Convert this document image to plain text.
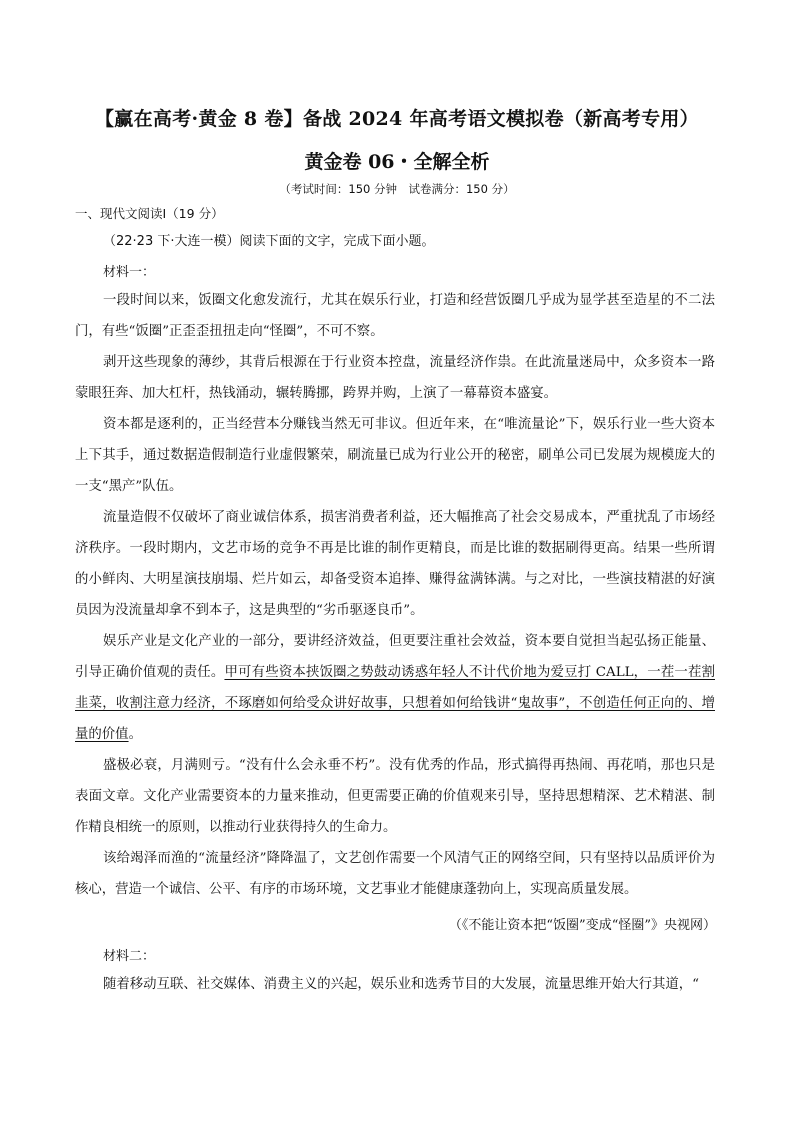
【赢在高考·黄金 8 卷】备战 2024 年高考语文模拟卷（新高考专用）
黄金卷 06・全解全析
（考试时间：150 分钟　试卷满分：150 分）
一、现代文阅读Ⅰ（19 分）
（22·23 下·大连一模）阅读下面的文字，完成下面小题。
材料一：

一段时间以来，饭圈文化愈发流行，尤其在娱乐行业，打造和经营饭圈几乎成为显学甚至造星的不二法门，有些“饭圈”正歪歪扭扭走向“怪圈”，不可不察。

剥开这些现象的薄纱，其背后根源在于行业资本控盘，流量经济作祟。在此流量迷局中，众多资本一路蒙眼狂奔、加大杠杆，热钱涌动，辗转腾挪，跨界并购，上演了一幕幕资本盛宴。

资本都是逐利的，正当经营本分赚钱当然无可非议。但近年来，在“唯流量论”下，娱乐行业一些大资本上下其手，通过数据造假制造行业虚假繁荣，刷流量已成为行业公开的秘密，刷单公司已发展为规模庞大的一支“黑产”队伍。

流量造假不仅破坏了商业诚信体系，损害消费者利益，还大幅推高了社会交易成本，严重扰乱了市场经济秩序。一段时期内，文艺市场的竞争不再是比谁的制作更精良，而是比谁的数据刷得更高。结果一些所谓的小鲜肉、大明星演技崩塌、烂片如云，却备受资本追捧、赚得盆满钵满。与之对比，一些演技精湛的好演员因为没流量却拿不到本子，这是典型的“劣币驱逐良币”。

娱乐产业是文化产业的一部分，要讲经济效益，但更要注重社会效益，资本要自觉担当起弘扬正能量、引导正确价值观的责任。甲可有些资本挟饭圈之势鼓动诱惑年轻人不计代价地为爱豆打 CALL，一茬一茬割韭菜，收割注意力经济，不琢磨如何给受众讲好故事，只想着如何给钱讲“鬼故事”，不创造任何正向的、增量的价值。

盛极必衰，月满则亏。“没有什么会永垂不朽”。没有优秀的作品，形式搞得再热闹、再花哨，那也只是表面文章。文化产业需要资本的力量来推动，但更需要正确的价值观来引导，坚持思想精深、艺术精湛、制作精良相统一的原则，以推动行业获得持久的生命力。

该给竭泽而渔的“流量经济”降降温了，文艺创作需要一个风清气正的网络空间，只有坚持以品质评价为核心，营造一个诚信、公平、有序的市场环境，文艺事业才能健康蓬勃向上，实现高质量发展。

（《不能让资本把“饭圈”变成“怪圈”》央视网）
材料二：

随着移动互联、社交媒体、消费主义的兴起，娱乐业和选秀节目的大发展，流量思维开始大行其道，“
